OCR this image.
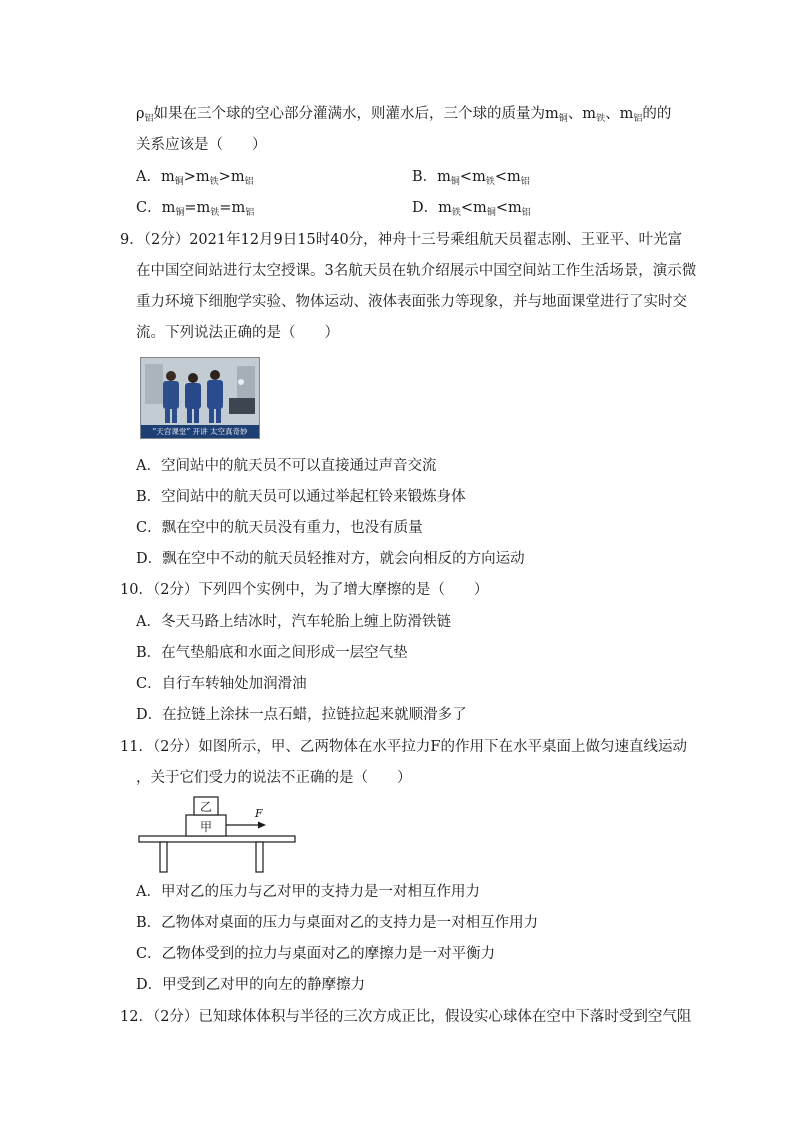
$\rho_铝$如果在三个球的空心部分灌满水，则灌水后，三个球的质量为$m_铜$、$m_铁$、$m_铝$的的
关系应该是（　　）
A．$m_铜>m_铁>m_铝$	B．$m_铜<m_铁<m_铝$
C．$m_铜=m_铁=m_铝$	D．$m_铁<m_铜<m_铝$
9．（2分）2021年12月9日15时40分，神舟十三号乘组航天员翟志刚、王亚平、叶光富
在中国空间站进行太空授课。3名航天员在轨介绍展示中国空间站工作生活场景，演示微
重力环境下细胞学实验、物体运动、液体表面张力等现象，并与地面课堂进行了实时交
流。下列说法正确的是（　　）
“天宫课堂” 开讲 太空真奇妙
A．空间站中的航天员不可以直接通过声音交流
B．空间站中的航天员可以通过举起杠铃来锻炼身体
C．飘在空中的航天员没有重力，也没有质量
D．飘在空中不动的航天员轻推对方，就会向相反的方向运动
10．（2分）下列四个实例中，为了增大摩擦的是（　　）
A．冬天马路上结冰时，汽车轮胎上缠上防滑铁链
B．在气垫船底和水面之间形成一层空气垫
C．自行车转轴处加润滑油
D．在拉链上涂抹一点石蜡，拉链拉起来就顺滑多了
11．（2分）如图所示，甲、乙两物体在水平拉力F的作用下在水平桌面上做匀速直线运动
，关于它们受力的说法不正确的是（　　）
乙
甲
F
A．甲对乙的压力与乙对甲的支持力是一对相互作用力
B．乙物体对桌面的压力与桌面对乙的支持力是一对相互作用力
C．乙物体受到的拉力与桌面对乙的摩擦力是一对平衡力
D．甲受到乙对甲的向左的静摩擦力
12．（2分）已知球体体积与半径的三次方成正比，假设实心球体在空中下落时受到空气阻
